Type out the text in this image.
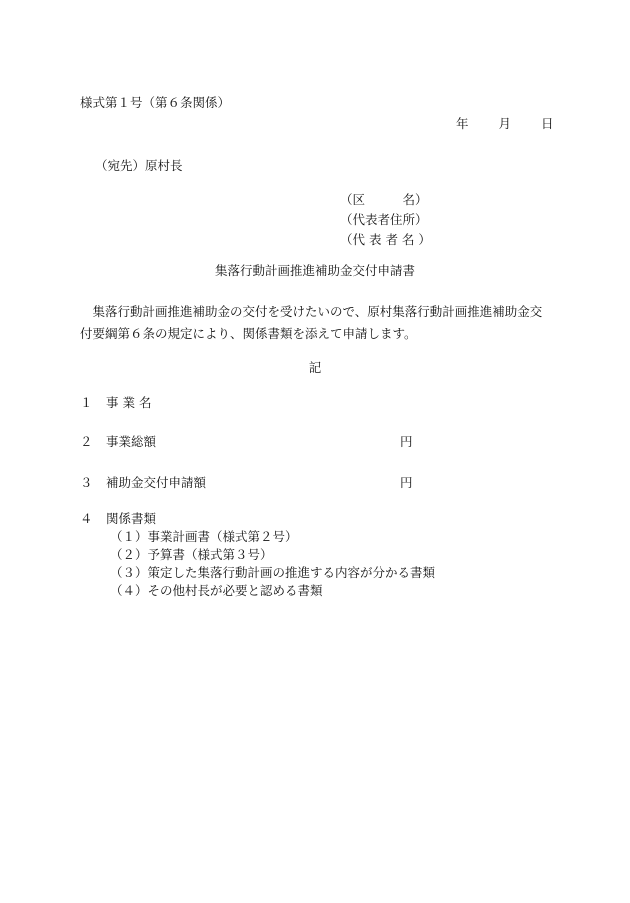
様式第１号（第６条関係）
年 月 日
（宛先）原村長
（区　　　名）
（代表者住所）
（代 表 者 名 ）
集落行動計画推進補助金交付申請書
　集落行動計画推進補助金の交付を受けたいので、原村集落行動計画推進補助金交付要綱第６条の規定により、関係書類を添えて申請します。
記
１ 事 業 名
２ 事業総額	円
３ 補助金交付申請額	円
４ 関係書類
（１）事業計画書（様式第２号）
（２）予算書（様式第３号）
（３）策定した集落行動計画の推進する内容が分かる書類
（４）その他村長が必要と認める書類
